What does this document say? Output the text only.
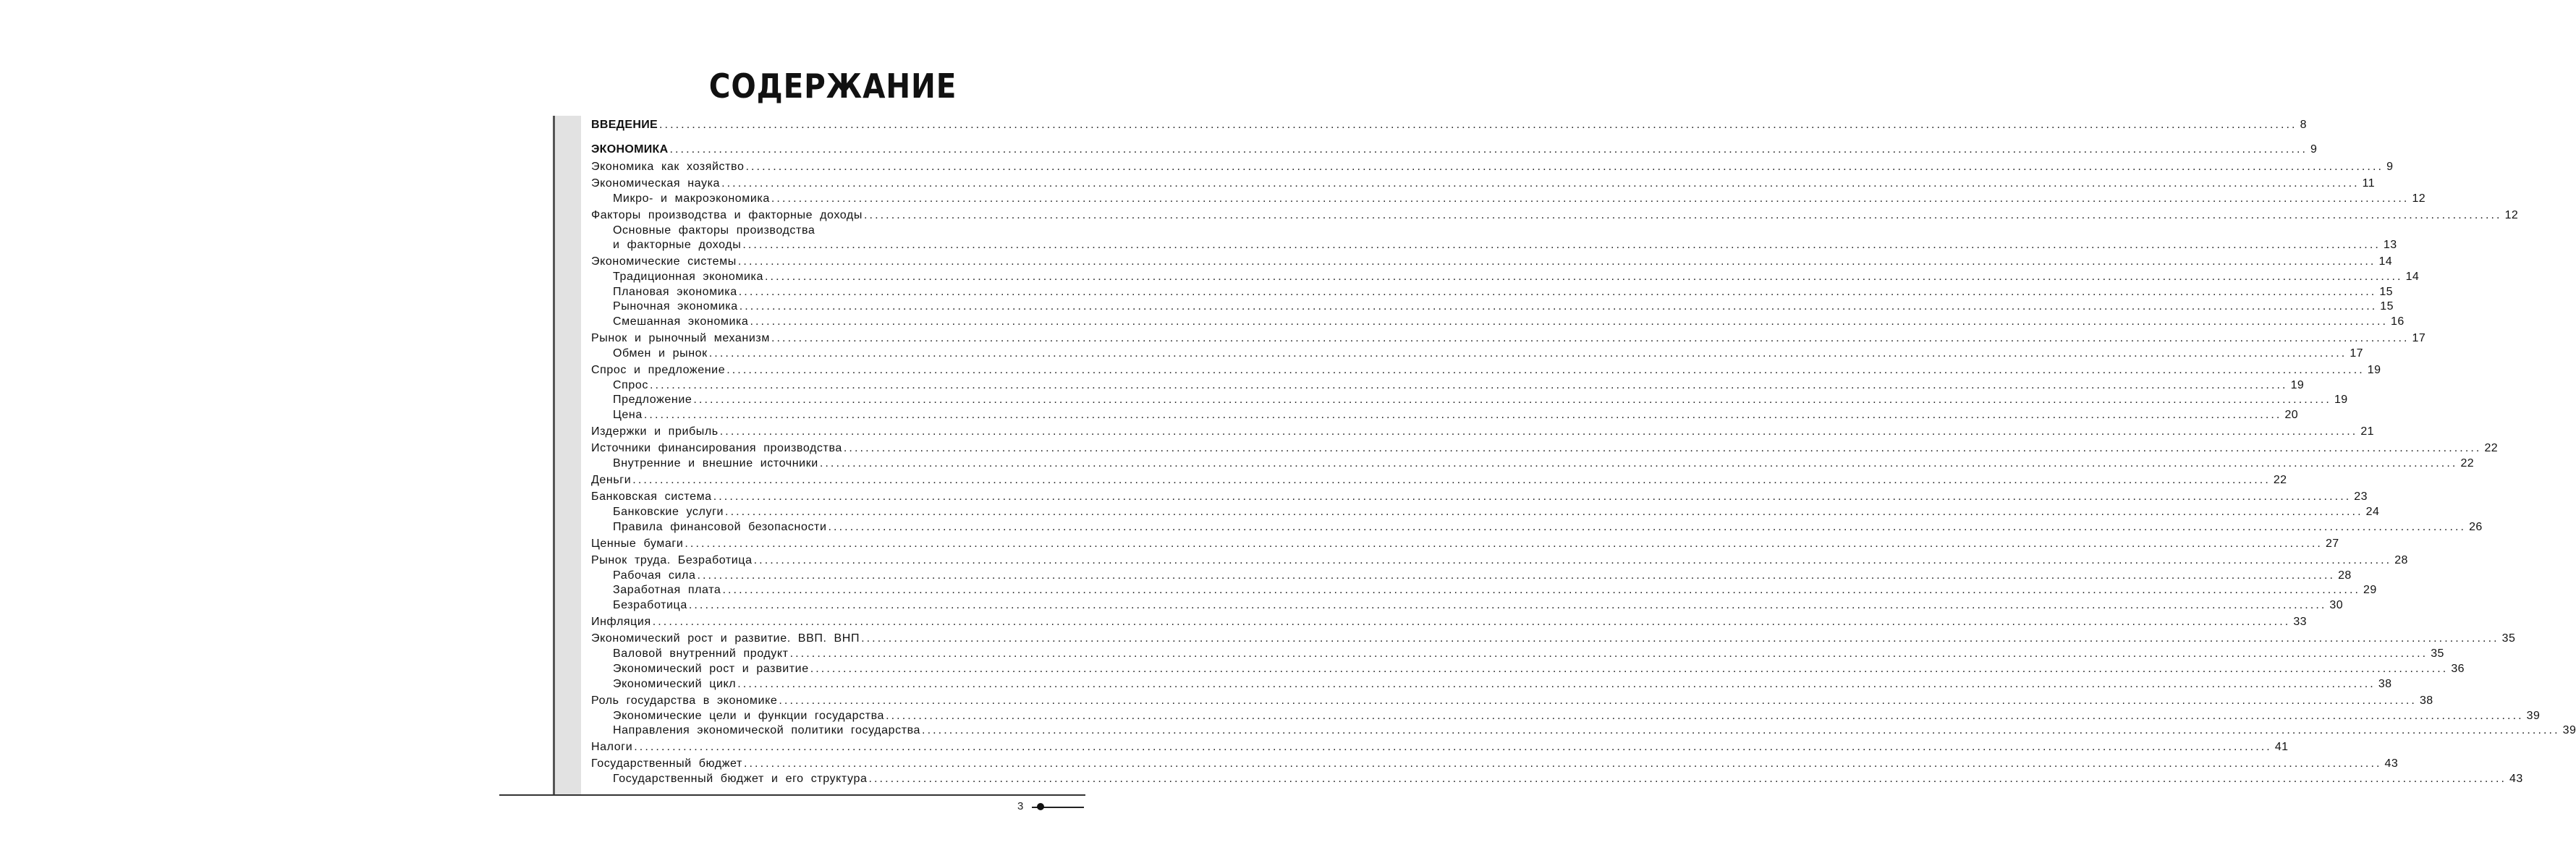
СОДЕРЖАНИЕ
ВВЕДЕНИЕ ............................................................................................................................................................................................................................................................................................................ 8
ЭКОНОМИКА ............................................................................................................................................................................................................................................................................................................ 9
Экономика как хозяйство ............................................................................................................................................................................................................................................................................................................ 9
Экономическая наука ............................................................................................................................................................................................................................................................................................................ 11
Микро- и макроэкономика ............................................................................................................................................................................................................................................................................................................ 12
Факторы производства и факторные доходы ............................................................................................................................................................................................................................................................................................................ 12
Основные факторы производства
и факторные доходы ............................................................................................................................................................................................................................................................................................................ 13
Экономические системы ............................................................................................................................................................................................................................................................................................................ 14
Традиционная экономика ............................................................................................................................................................................................................................................................................................................ 14
Плановая экономика ............................................................................................................................................................................................................................................................................................................ 15
Рыночная экономика ............................................................................................................................................................................................................................................................................................................ 15
Смешанная экономика ............................................................................................................................................................................................................................................................................................................ 16
Рынок и рыночный механизм ............................................................................................................................................................................................................................................................................................................ 17
Обмен и рынок ............................................................................................................................................................................................................................................................................................................ 17
Спрос и предложение ............................................................................................................................................................................................................................................................................................................ 19
Спрос ............................................................................................................................................................................................................................................................................................................ 19
Предложение ............................................................................................................................................................................................................................................................................................................ 19
Цена ............................................................................................................................................................................................................................................................................................................ 20
Издержки и прибыль ............................................................................................................................................................................................................................................................................................................ 21
Источники финансирования производства ............................................................................................................................................................................................................................................................................................................ 22
Внутренние и внешние источники ............................................................................................................................................................................................................................................................................................................ 22
Деньги ............................................................................................................................................................................................................................................................................................................ 22
Банковская система ............................................................................................................................................................................................................................................................................................................ 23
Банковские услуги ............................................................................................................................................................................................................................................................................................................ 24
Правила финансовой безопасности ............................................................................................................................................................................................................................................................................................................ 26
Ценные бумаги ............................................................................................................................................................................................................................................................................................................ 27
Рынок труда. Безработица ............................................................................................................................................................................................................................................................................................................ 28
Рабочая сила ............................................................................................................................................................................................................................................................................................................ 28
Заработная плата ............................................................................................................................................................................................................................................................................................................ 29
Безработица ............................................................................................................................................................................................................................................................................................................ 30
Инфляция ............................................................................................................................................................................................................................................................................................................ 33
Экономический рост и развитие. ВВП. ВНП ............................................................................................................................................................................................................................................................................................................ 35
Валовой внутренний продукт ............................................................................................................................................................................................................................................................................................................ 35
Экономический рост и развитие ............................................................................................................................................................................................................................................................................................................ 36
Экономический цикл ............................................................................................................................................................................................................................................................................................................ 38
Роль государства в экономике ............................................................................................................................................................................................................................................................................................................ 38
Экономические цели и функции государства ............................................................................................................................................................................................................................................................................................................ 39
Направления экономической политики государства ............................................................................................................................................................................................................................................................................................................ 39
Налоги ............................................................................................................................................................................................................................................................................................................ 41
Государственный бюджет ............................................................................................................................................................................................................................................................................................................ 43
Государственный бюджет и его структура ............................................................................................................................................................................................................................................................................................................ 43
3
